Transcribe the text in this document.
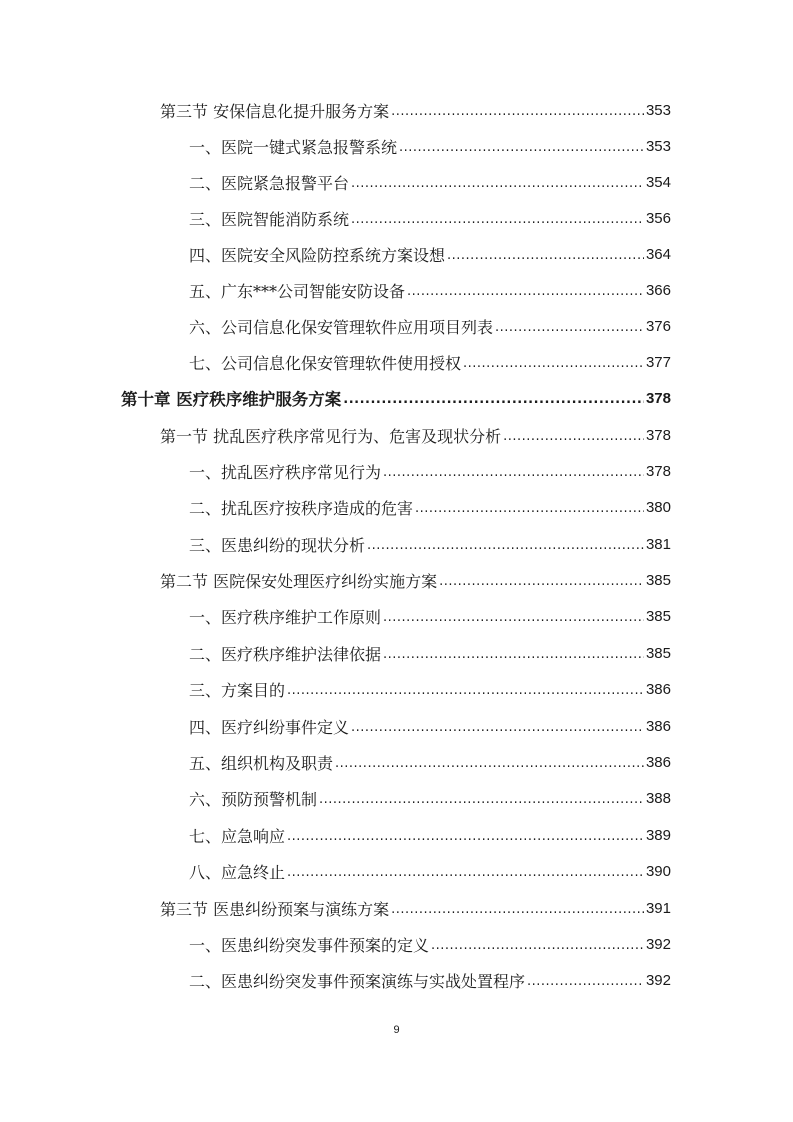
第三节 安保信息化提升服务方案 .....	353
一、医院一键式紧急报警系统 .....	353
二、医院紧急报警平台 .....	354
三、医院智能消防系统 .....	356
四、医院安全风险防控系统方案设想 .....	364
五、广东***公司智能安防设备 .....	366
六、公司信息化保安管理软件应用项目列表 .....	376
七、公司信息化保安管理软件使用授权 .....	377
第十章 医疗秩序维护服务方案 .....	378
第一节 扰乱医疗秩序常见行为、危害及现状分析 .....	378
一、扰乱医疗秩序常见行为 .....	378
二、扰乱医疗按秩序造成的危害 .....	380
三、医患纠纷的现状分析 .....	381
第二节 医院保安处理医疗纠纷实施方案 .....	385
一、医疗秩序维护工作原则 .....	385
二、医疗秩序维护法律依据 .....	385
三、方案目的 .....	386
四、医疗纠纷事件定义 .....	386
五、组织机构及职责 .....	386
六、预防预警机制 .....	388
七、应急响应 .....	389
八、应急终止 .....	390
第三节 医患纠纷预案与演练方案 .....	391
一、医患纠纷突发事件预案的定义 .....	392
二、医患纠纷突发事件预案演练与实战处置程序 .....	392
9
